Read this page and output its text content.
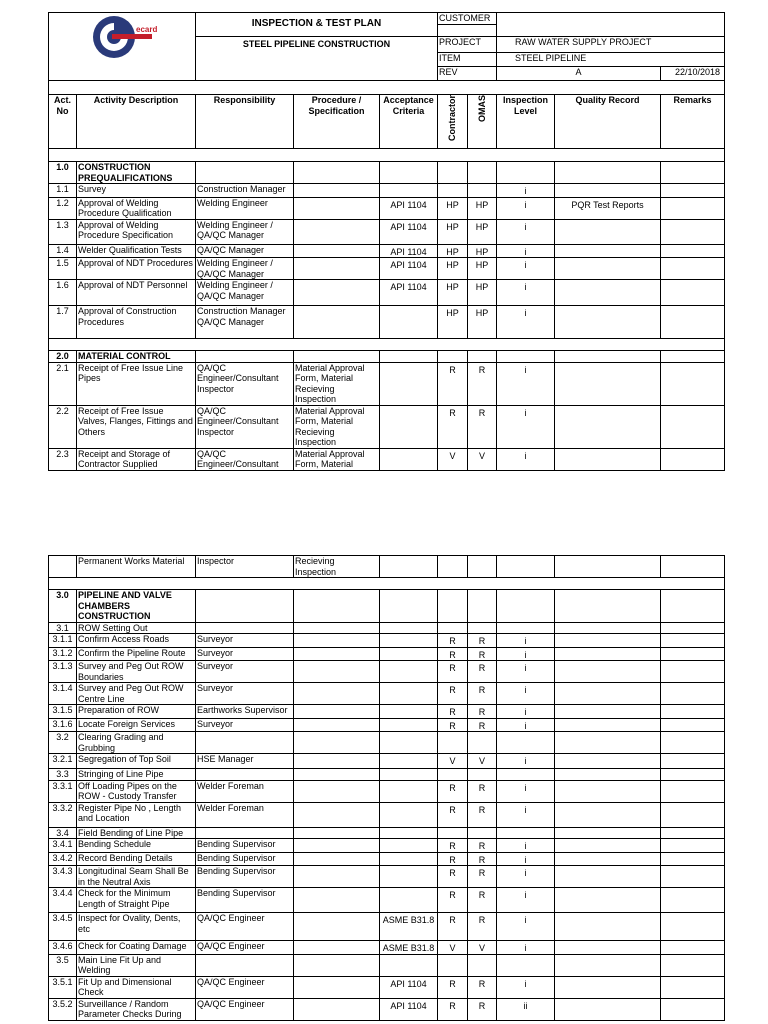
ecard		INSPECTION & TEST PLAN			CUSTOMER				

		STEEL PIPELINE CONSTRUCTION			PROJECT		RAW WATER SUPPLY PROJECT		
					ITEM		STEEL PIPELINE		
					REV		A		22/10/2018

Act. No	Activity Description	Responsibility	Procedure / Specification	Acceptance Criteria	Contractor	OMAS	Inspection Level	Quality Record	Remarks

1.0	CONSTRUCTION PREQUALIFICATIONS								
1.1	Survey	Construction Manager					i		
1.2	Approval of Welding Procedure Qualification	Welding Engineer		API 1104	HP	HP	i	PQR Test Reports	
1.3	Approval of Welding Procedure Specification	Welding Engineer / QA/QC Manager		API 1104	HP	HP	i		
1.4	Welder Qualification Tests	QA/QC Manager		API 1104	HP	HP	i		
1.5	Approval of NDT Procedures	Welding Engineer / QA/QC Manager		API 1104	HP	HP	i		
1.6	Approval of NDT Personnel	Welding Engineer / QA/QC Manager		API 1104	HP	HP	i		
1.7	Approval of Construction Procedures	Construction Manager QA/QC Manager			HP	HP	i		

2.0	MATERIAL CONTROL								
2.1	Receipt of Free Issue Line Pipes	QA/QC Engineer/Consultant Inspector	Material Approval Form, Material Recieving Inspection		R	R	i		
2.2	Receipt of Free Issue Valves, Flanges, Fittings and Others	QA/QC Engineer/Consultant Inspector	Material Approval Form, Material Recieving Inspection		R	R	i		
2.3	Receipt and Storage of Contractor Supplied	QA/QC Engineer/Consultant	Material Approval Form, Material		V	V	i		
	Permanent Works Material	Inspector	Recieving Inspection						

3.0	PIPELINE AND VALVE CHAMBERS CONSTRUCTION								
3.1	ROW Setting Out								
3.1.1	Confirm Access Roads	Surveyor			R	R	i		
3.1.2	Confirm the Pipeline Route	Surveyor			R	R	i		
3.1.3	Survey and Peg Out ROW Boundaries	Surveyor			R	R	i		
3.1.4	Survey and Peg Out ROW Centre Line	Surveyor			R	R	i		
3.1.5	Preparation of ROW	Earthworks Supervisor			R	R	i		
3.1.6	Locate Foreign Services	Surveyor			R	R	i		
3.2	Clearing Grading and Grubbing								
3.2.1	Segregation of Top Soil	HSE Manager			V	V	i		
3.3	Stringing of Line Pipe								
3.3.1	Off Loading Pipes on the ROW - Custody Transfer	Welder Foreman			R	R	i		
3.3.2	Register Pipe No , Length and Location	Welder Foreman			R	R	i		
3.4	Field Bending of Line Pipe								
3.4.1	Bending Schedule	Bending Supervisor			R	R	i		
3.4.2	Record Bending Details	Bending Supervisor			R	R	i		
3.4.3	Longitudinal Seam Shall Be in the Neutral Axis	Bending Supervisor			R	R	i		
3.4.4	Check for the Minimum Length of Straight Pipe	Bending Supervisor			R	R	i		
3.4.5	Inspect for Ovality, Dents, etc	QA/QC Engineer		ASME B31.8	R	R	i		
3.4.6	Check for Coating Damage	QA/QC Engineer		ASME B31.8	V	V	i		
3.5	Main Line Fit Up and Welding								
3.5.1	Fit Up and Dimensional Check	QA/QC Engineer		API 1104	R	R	i		
3.5.2	Surveillance / Random Parameter Checks During	QA/QC Engineer		API 1104	R	R	ii		
